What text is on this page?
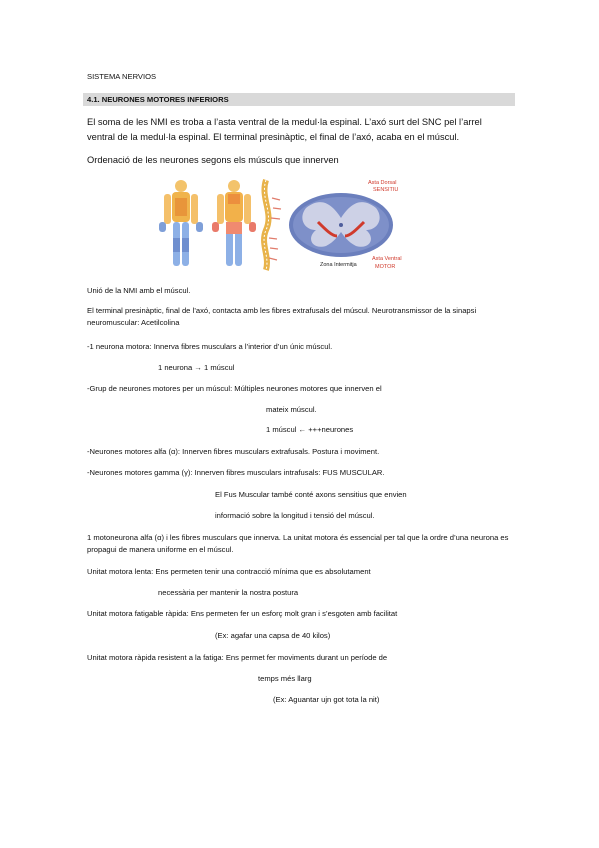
SISTEMA NERVIOS
4.1. NEURONES MOTORES INFERIORS
El soma de les NMI es troba a l’asta ventral de la medul·la espinal. L’axó surt del SNC pel l’arrel
ventral de la medul·la espinal. El terminal presinàptic, el final de l’axó, acaba en el múscul.
Ordenació de les neurones segons els músculs que innerven
Asta Dorsal
SENSITIU
Zona Intermitja
Asta Ventral
MOTOR
Unió de la NMI amb el múscul.
El terminal presinàptic, final de l’axó, contacta amb les fibres extrafusals del múscul. Neurotransmissor de la sinapsi neuromuscular: Acetilcolina
-1 neurona motora: Innerva fibres musculars a l’interior d’un únic múscul.
1 neurona → 1 múscul
-Grup de neurones motores per un múscul: Múltiples neurones motores que innerven el
mateix múscul.
1 múscul ← +++neurones
-Neurones motores alfa (α): Innerven fibres musculars extrafusals. Postura i moviment.
-Neurones motores gamma (γ): Innerven fibres musculars intrafusals: FUS MUSCULAR.
El Fus Muscular també conté axons sensitius que envien
informació sobre la longitud i tensió del múscul.
1 motoneurona alfa (α) i les fibres musculars que innerva. La unitat motora és essencial per tal que la ordre d’una neurona es propagui de manera uniforme en el múscul.
Unitat motora lenta: Ens permeten tenir una contracció mínima que es absolutament
necessària per mantenir la nostra postura
Unitat motora fatigable ràpida: Ens permeten fer un esforç molt gran i s’esgoten amb facilitat
(Ex: agafar una capsa de 40 kilos)
Unitat motora ràpida resistent a la fatiga: Ens permet fer moviments durant un període de
temps més llarg
(Ex: Aguantar ujn got tota la nit)
